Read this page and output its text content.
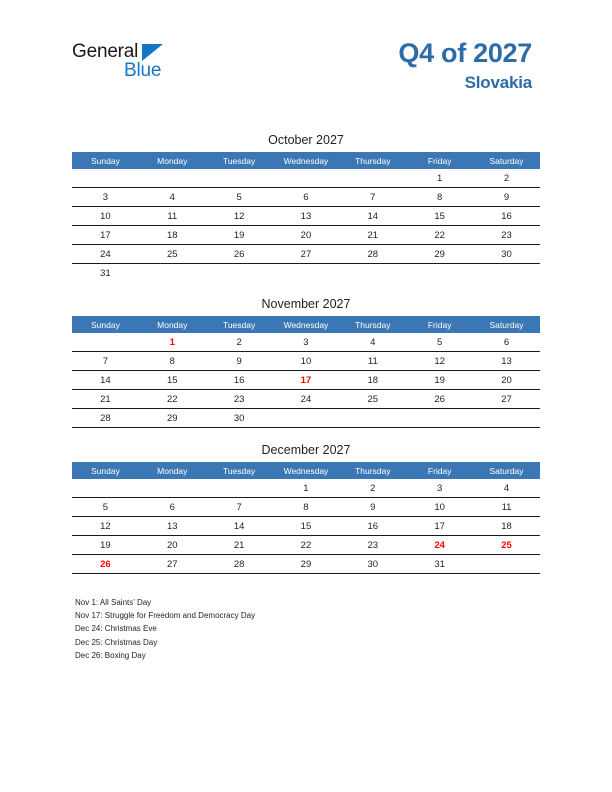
General
Blue
Q4 of 2027
Slovakia
October 2027
Sunday	Monday	Tuesday	Wednesday	Thursday	Friday	Saturday
					1	2
3	4	5	6	7	8	9
10	11	12	13	14	15	16
17	18	19	20	21	22	23
24	25	26	27	28	29	30
31						
November 2027
Sunday	Monday	Tuesday	Wednesday	Thursday	Friday	Saturday
	1	2	3	4	5	6
7	8	9	10	11	12	13
14	15	16	17	18	19	20
21	22	23	24	25	26	27
28	29	30				
December 2027
Sunday	Monday	Tuesday	Wednesday	Thursday	Friday	Saturday
			1	2	3	4
5	6	7	8	9	10	11
12	13	14	15	16	17	18
19	20	21	22	23	24	25
26	27	28	29	30	31	
Nov 1: All Saints’ Day
Nov 17: Struggle for Freedom and Democracy Day
Dec 24: Christmas Eve
Dec 25: Christmas Day
Dec 26: Boxing Day
